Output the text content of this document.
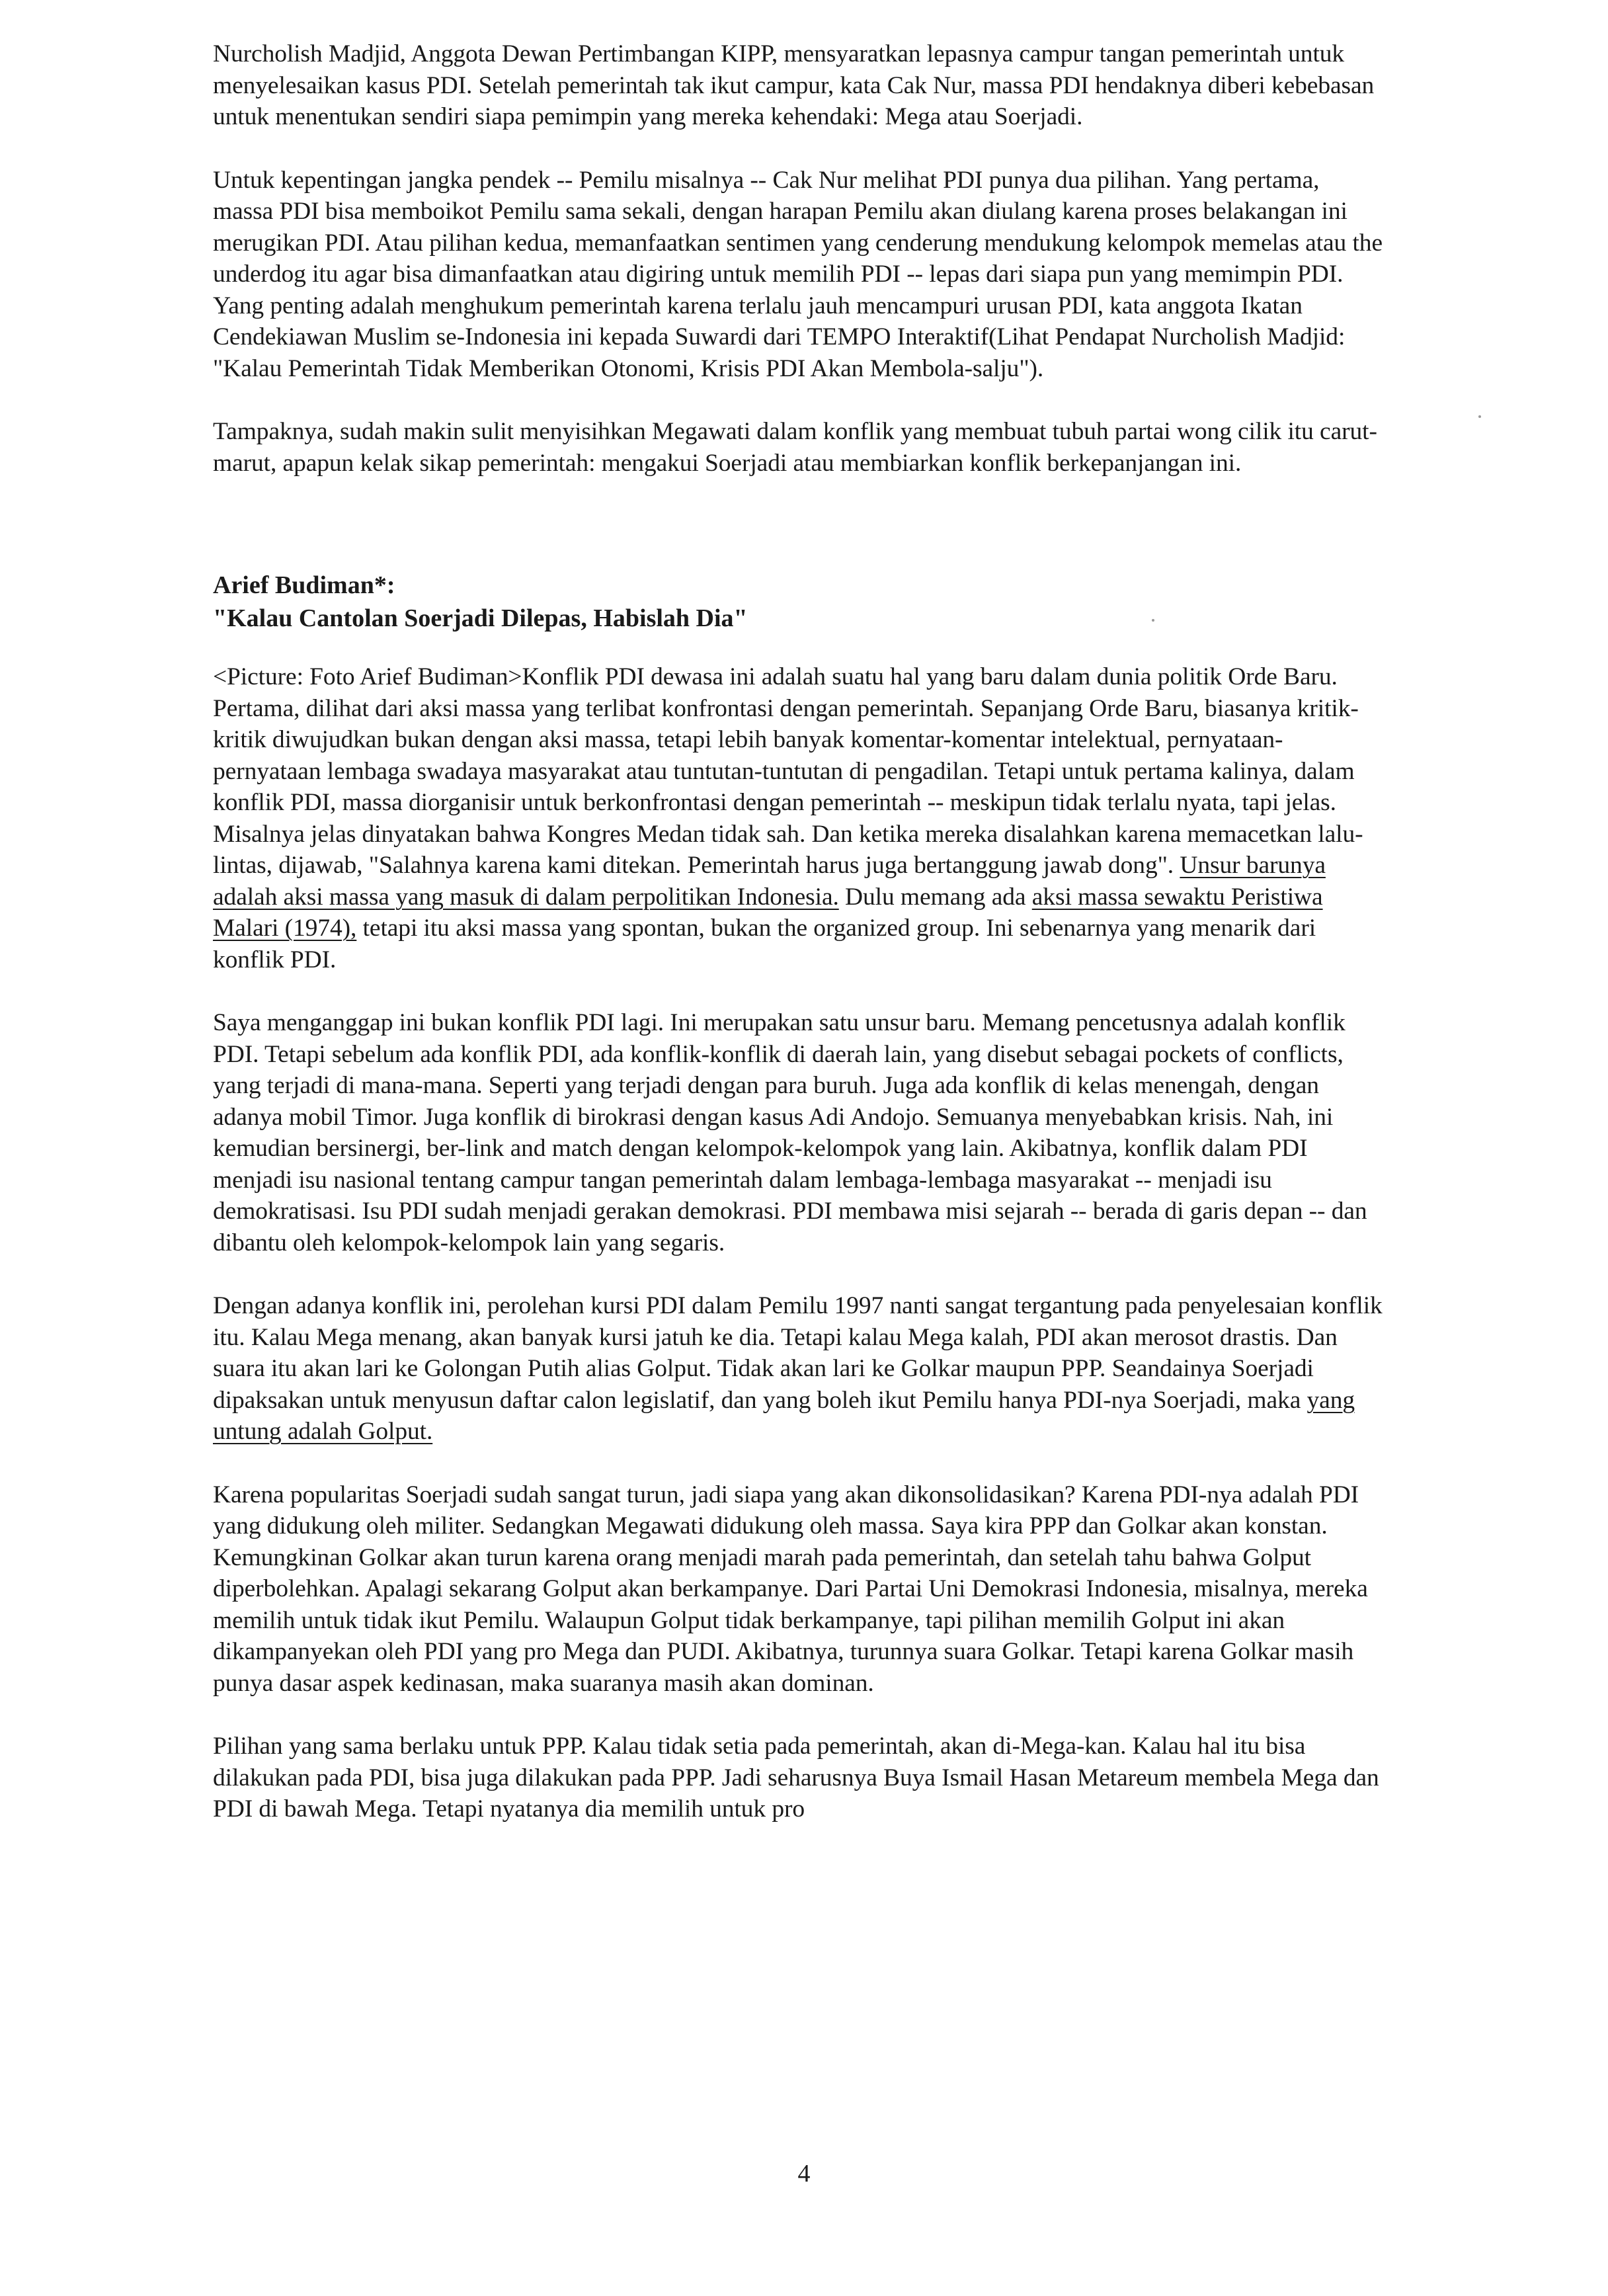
Nurcholish Madjid, Anggota Dewan Pertimbangan KIPP, mensyaratkan lepasnya campur tangan pemerintah untuk menyelesaikan kasus PDI. Setelah pemerintah tak ikut campur, kata Cak Nur, massa PDI hendaknya diberi kebebasan untuk menentukan sendiri siapa pemimpin yang mereka kehendaki: Mega atau Soerjadi.

Untuk kepentingan jangka pendek -- Pemilu misalnya -- Cak Nur melihat PDI punya dua pilihan. Yang pertama, massa PDI bisa memboikot Pemilu sama sekali, dengan harapan Pemilu akan diulang karena proses belakangan ini merugikan PDI. Atau pilihan kedua, memanfaatkan sentimen yang cenderung mendukung kelompok memelas atau the underdog itu agar bisa dimanfaatkan atau digiring untuk memilih PDI -- lepas dari siapa pun yang memimpin PDI. Yang penting adalah menghukum pemerintah karena terlalu jauh mencampuri urusan PDI, kata anggota Ikatan Cendekiawan Muslim se-Indonesia ini kepada Suwardi dari TEMPO Interaktif(Lihat Pendapat Nurcholish Madjid: "Kalau Pemerintah Tidak Memberikan Otonomi, Krisis PDI Akan Membola-salju").

Tampaknya, sudah makin sulit menyisihkan Megawati dalam konflik yang membuat tubuh partai wong cilik itu carut-marut, apapun kelak sikap pemerintah: mengakui Soerjadi atau membiarkan konflik berkepanjangan ini.

Arief Budiman*:

"Kalau Cantolan Soerjadi Dilepas, Habislah Dia"

<Picture: Foto Arief Budiman>Konflik PDI dewasa ini adalah suatu hal yang baru dalam dunia politik Orde Baru. Pertama, dilihat dari aksi massa yang terlibat konfrontasi dengan pemerintah. Sepanjang Orde Baru, biasanya kritik-kritik diwujudkan bukan dengan aksi massa, tetapi lebih banyak komentar-komentar intelektual, pernyataan-pernyataan lembaga swadaya masyarakat atau tuntutan-tuntutan di pengadilan. Tetapi untuk pertama kalinya, dalam konflik PDI, massa diorganisir untuk berkonfrontasi dengan pemerintah -- meskipun tidak terlalu nyata, tapi jelas. Misalnya jelas dinyatakan bahwa Kongres Medan tidak sah. Dan ketika mereka disalahkan karena memacetkan lalu-lintas, dijawab, "Salahnya karena kami ditekan. Pemerintah harus juga bertanggung jawab dong". Unsur barunya adalah aksi massa yang masuk di dalam perpolitikan Indonesia. Dulu memang ada aksi massa sewaktu Peristiwa Malari (1974), tetapi itu aksi massa yang spontan, bukan the organized group. Ini sebenarnya yang menarik dari konflik PDI.

Saya menganggap ini bukan konflik PDI lagi. Ini merupakan satu unsur baru. Memang pencetusnya adalah konflik PDI. Tetapi sebelum ada konflik PDI, ada konflik-konflik di daerah lain, yang disebut sebagai pockets of conflicts, yang terjadi di mana-mana. Seperti yang terjadi dengan para buruh. Juga ada konflik di kelas menengah, dengan adanya mobil Timor. Juga konflik di birokrasi dengan kasus Adi Andojo. Semuanya menyebabkan krisis. Nah, ini kemudian bersinergi, ber-link and match dengan kelompok-kelompok yang lain. Akibatnya, konflik dalam PDI menjadi isu nasional tentang campur tangan pemerintah dalam lembaga-lembaga masyarakat -- menjadi isu demokratisasi. Isu PDI sudah menjadi gerakan demokrasi. PDI membawa misi sejarah -- berada di garis depan -- dan dibantu oleh kelompok-kelompok lain yang segaris.

Dengan adanya konflik ini, perolehan kursi PDI dalam Pemilu 1997 nanti sangat tergantung pada penyelesaian konflik itu. Kalau Mega menang, akan banyak kursi jatuh ke dia. Tetapi kalau Mega kalah, PDI akan merosot drastis. Dan suara itu akan lari ke Golongan Putih alias Golput. Tidak akan lari ke Golkar maupun PPP. Seandainya Soerjadi dipaksakan untuk menyusun daftar calon legislatif, dan yang boleh ikut Pemilu hanya PDI-nya Soerjadi, maka yang untung adalah Golput.

Karena popularitas Soerjadi sudah sangat turun, jadi siapa yang akan dikonsolidasikan? Karena PDI-nya adalah PDI yang didukung oleh militer. Sedangkan Megawati didukung oleh massa. Saya kira PPP dan Golkar akan konstan. Kemungkinan Golkar akan turun karena orang menjadi marah pada pemerintah, dan setelah tahu bahwa Golput diperbolehkan. Apalagi sekarang Golput akan berkampanye. Dari Partai Uni Demokrasi Indonesia, misalnya, mereka memilih untuk tidak ikut Pemilu. Walaupun Golput tidak berkampanye, tapi pilihan memilih Golput ini akan dikampanyekan oleh PDI yang pro Mega dan PUDI. Akibatnya, turunnya suara Golkar. Tetapi karena Golkar masih punya dasar aspek kedinasan, maka suaranya masih akan dominan.

Pilihan yang sama berlaku untuk PPP. Kalau tidak setia pada pemerintah, akan di-Mega-kan. Kalau hal itu bisa dilakukan pada PDI, bisa juga dilakukan pada PPP. Jadi seharusnya Buya Ismail Hasan Metareum membela Mega dan PDI di bawah Mega. Tetapi nyatanya dia memilih untuk pro

4
